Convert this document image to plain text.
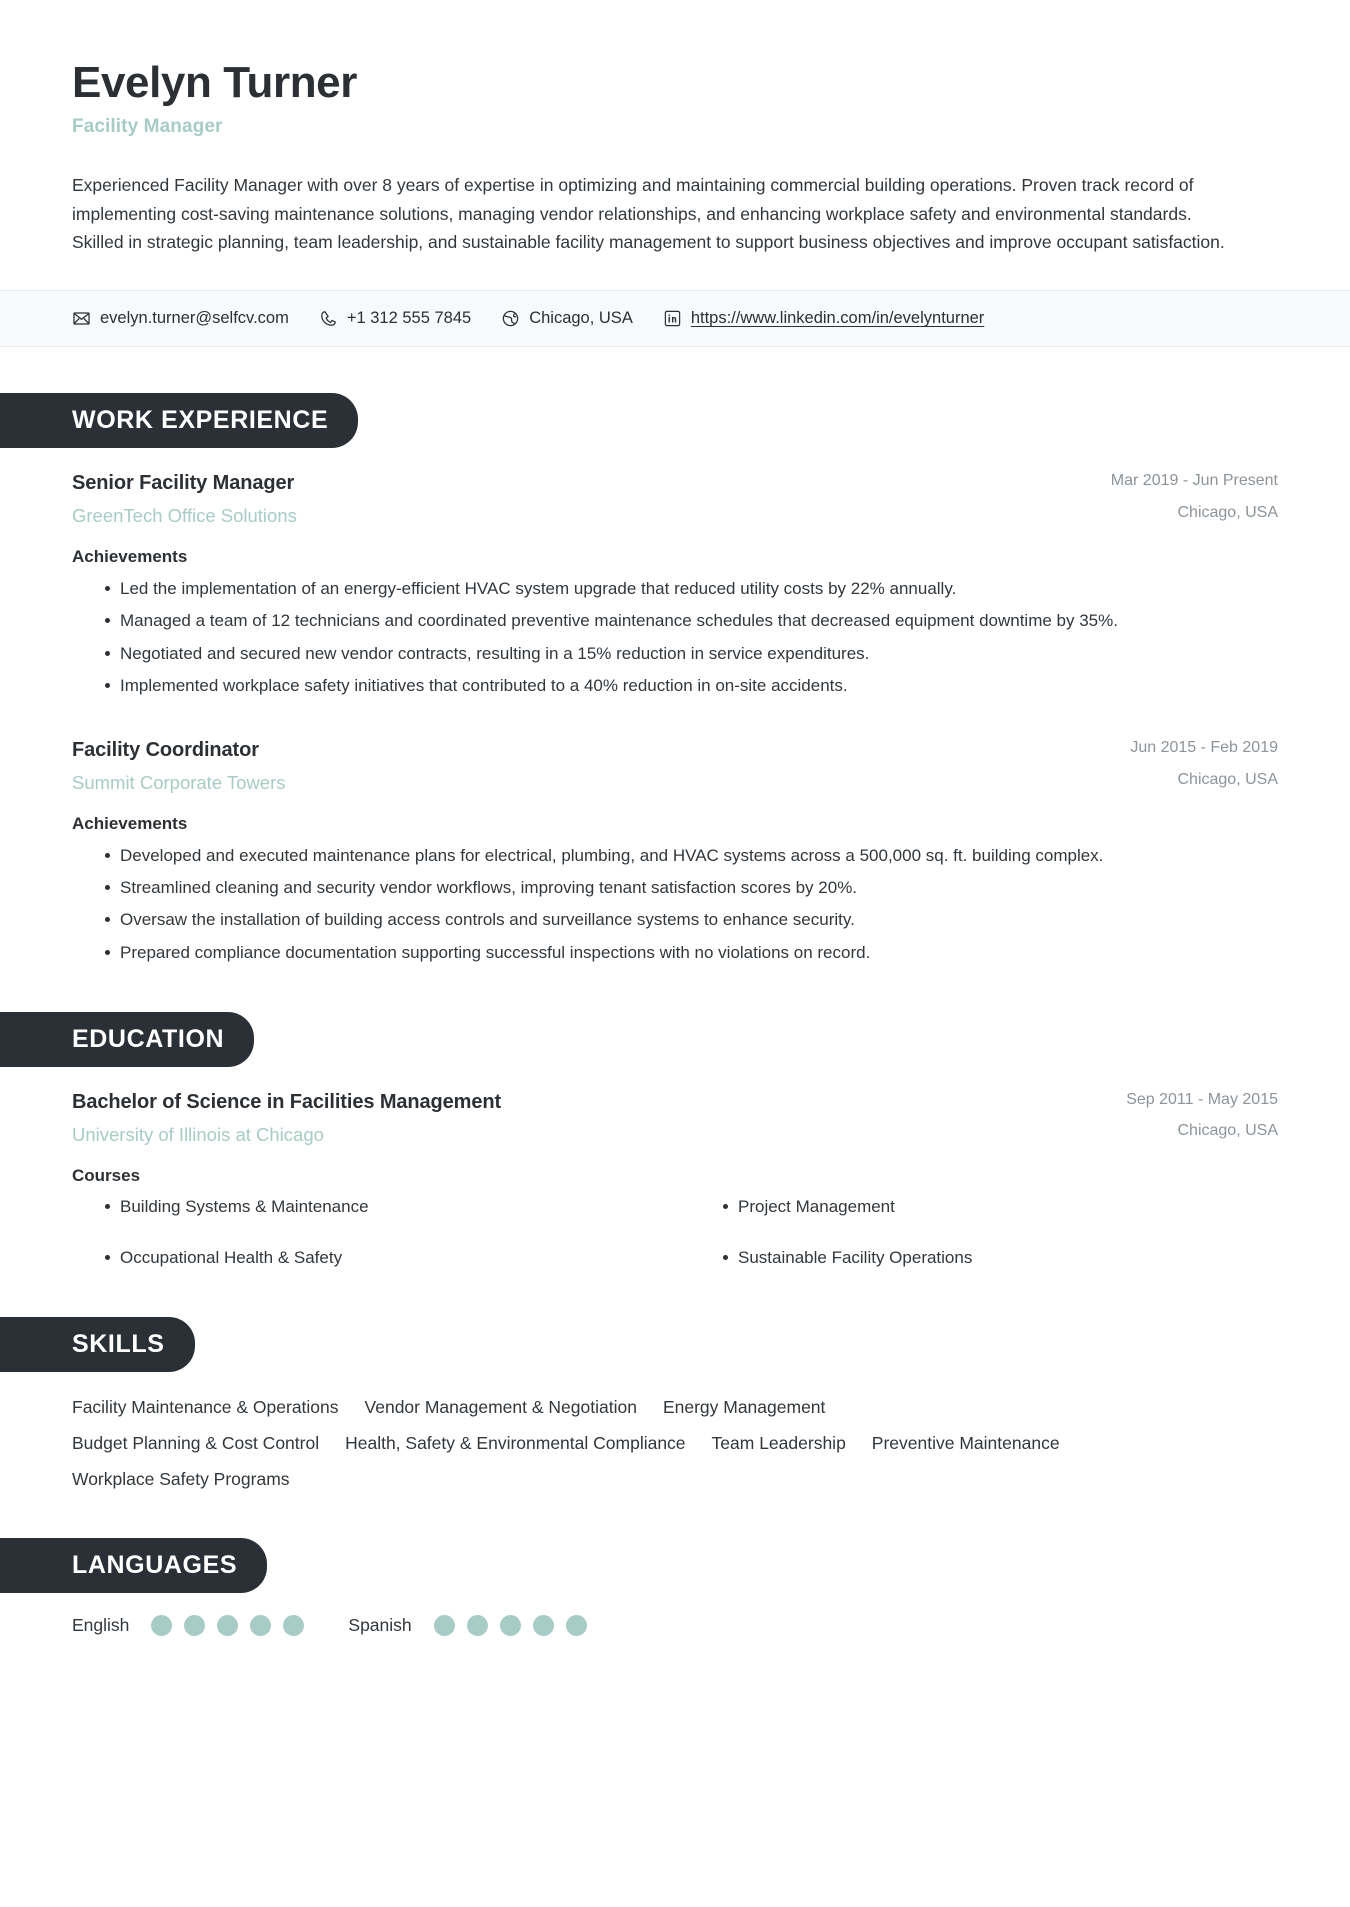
Evelyn Turner
Facility Manager
Experienced Facility Manager with over 8 years of expertise in optimizing and maintaining commercial building operations. Proven track record of implementing cost-saving maintenance solutions, managing vendor relationships, and enhancing workplace safety and environmental standards. Skilled in strategic planning, team leadership, and sustainable facility management to support business objectives and improve occupant satisfaction.
evelyn.turner@selfcv.com	+1 312 555 7845	Chicago, USA	https://www.linkedin.com/in/evelynturner
WORK EXPERIENCE
Senior Facility Manager
GreenTech Office Solutions
Mar 2019 - Jun Present
Chicago, USA
Achievements
Led the implementation of an energy-efficient HVAC system upgrade that reduced utility costs by 22% annually.
Managed a team of 12 technicians and coordinated preventive maintenance schedules that decreased equipment downtime by 35%.
Negotiated and secured new vendor contracts, resulting in a 15% reduction in service expenditures.
Implemented workplace safety initiatives that contributed to a 40% reduction in on-site accidents.
Facility Coordinator
Summit Corporate Towers
Jun 2015 - Feb 2019
Chicago, USA
Achievements
Developed and executed maintenance plans for electrical, plumbing, and HVAC systems across a 500,000 sq. ft. building complex.
Streamlined cleaning and security vendor workflows, improving tenant satisfaction scores by 20%.
Oversaw the installation of building access controls and surveillance systems to enhance security.
Prepared compliance documentation supporting successful inspections with no violations on record.
EDUCATION
Bachelor of Science in Facilities Management
University of Illinois at Chicago
Sep 2011 - May 2015
Chicago, USA
Courses
Building Systems & Maintenance	Project Management
Occupational Health & Safety	Sustainable Facility Operations
SKILLS
Facility Maintenance & Operations Vendor Management & Negotiation Energy Management
Budget Planning & Cost Control Health, Safety & Environmental Compliance Team Leadership Preventive Maintenance
Workplace Safety Programs
LANGUAGES
English	Spanish
